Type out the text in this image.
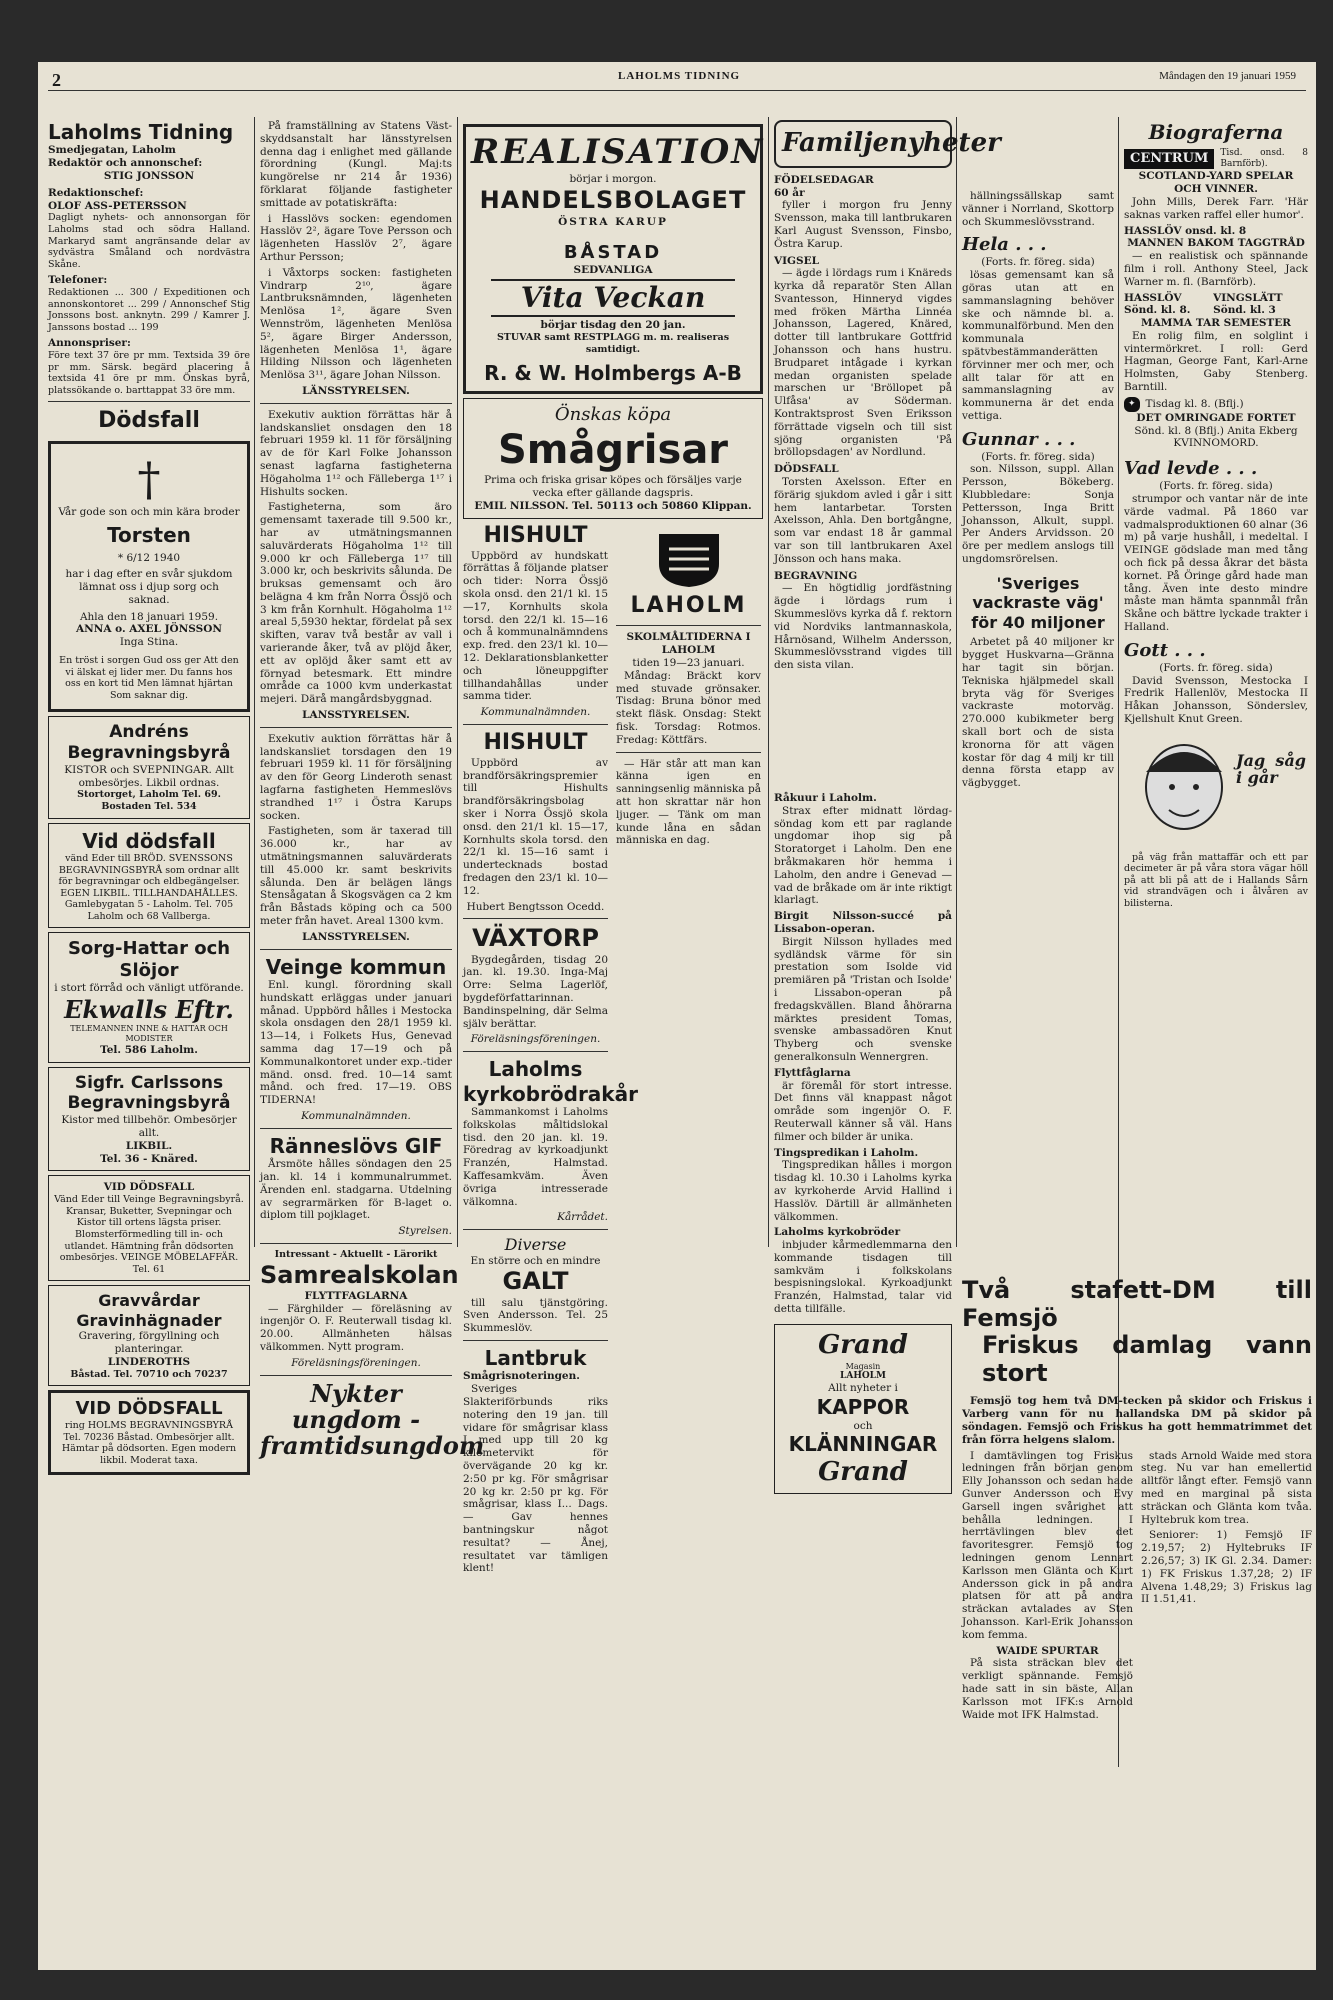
2	LAHOLMS TIDNING	Måndagen den 19 januari 1959
Laholms Tidning
Smedjegatan, Laholm
Redaktör och annonschef:
STIG JONSSON
Redaktionschef:
OLOF ASS-PETERSSON
Dagligt nyhets- och annonsorgan för Laholms stad och södra Halland. Markaryd samt angränsande delar av sydvästra Småland och nordvästra Skåne.
Telefoner:
Redaktionen ... 300 / Expeditionen och annonskontoret ... 299 / Annonschef Stig Jonssons bost. anknytn. 299 / Kamrer J. Janssons bostad ... 199
Annonspriser:
Före text 37 öre pr mm. Textsida 39 öre pr mm. Särsk. begärd placering å textsida 41 öre pr mm. Önskas byrå, platssökande o. barttappat 33 öre mm.
Dödsfall
†
Vår gode son och min kära broder
Torsten
* 6/12 1940
har i dag efter en svår sjukdom lämnat oss i djup sorg och saknad.
Ahla den 18 januari 1959.
ANNA o. AXEL JÖNSSON
Inga Stina.
En tröst i sorgen Gud oss ger Att den vi älskat ej lider mer. Du fanns hos oss en kort tid Men lämnat hjärtan Som saknar dig.
Andréns Begravningsbyrå
KISTOR och SVEPNINGAR. Allt ombesörjes. Likbil ordnas.
Stortorget, Laholm Tel. 69. Bostaden Tel. 534
Vid dödsfall
vänd Eder till BRÖD. SVENSSONS BEGRAVNINGSBYRÅ som ordnar allt för begravningar och eldbegängelser. EGEN LIKBIL. TILLHANDAHÅLLES. Gamlebygatan 5 - Laholm. Tel. 705 Laholm och 68 Vallberga.
Sorg-Hattar och Slöjor
i stort förråd och vänligt utförande.
Ekwalls Eftr.
TELEMANNEN INNE & HATTAR OCH MODISTER
Tel. 586 Laholm.
Sigfr. Carlssons Begravningsbyrå
Kistor med tillbehör. Ombesörjer allt.
LIKBIL.
Tel. 36 - Knäred.
VID DÖDSFALL
Vänd Eder till Veinge Begravningsbyrå. Kransar, Buketter, Svepningar och Kistor till ortens lägsta priser. Blomsterförmedling till in- och utlandet. Hämtning från dödsorten ombesörjes. VEINGE MÖBELAFFÄR. Tel. 61
Gravvårdar Gravinhägnader
Gravering, förgyllning och planteringar.
LINDEROTHS
Båstad. Tel. 70710 och 70237
VID DÖDSFALL
ring HOLMS BEGRAVNINGSBYRÅ Tel. 70236 Båstad. Ombesörjer allt. Hämtar på dödsorten. Egen modern likbil. Moderat taxa.

På framställning av Statens Väst-skyddsanstalt har länsstyrelsen denna dag i enlighet med gällande förordning (Kungl. Maj:ts kungörelse nr 214 år 1936) förklarat följande fastigheter smittade av potatiskräfta:

i Hasslövs socken: egendomen Hasslöv 2², ägare Tove Persson och lägenheten Hasslöv 2⁷, ägare Arthur Persson;

i Våxtorps socken: fastigheten Vindrarp 2¹⁰, ägare Lantbruksnämnden, lägenheten Menlösa 1², ägare Sven Wennström, lägenheten Menlösa 5², ägare Birger Andersson, lägenheten Menlösa 1¹, ägare Hilding Nilsson och lägenheten Menlösa 3¹¹, ägare Johan Nilsson.

LÄNSSTYRELSEN.

Exekutiv auktion förrättas här å landskansliet onsdagen den 18 februari 1959 kl. 11 för försäljning av de för Karl Folke Johansson senast lagfarna fastigheterna Högaholma 1¹² och Fälleberga 1¹⁷ i Hishults socken.

Fastigheterna, som äro gemensamt taxerade till 9.500 kr., har av utmätningsmannen saluvärderats Högaholma 1¹² till 9.000 kr och Fälleberga 1¹⁷ till 3.000 kr, och beskrivits sålunda. De bruksas gemensamt och äro belägna 4 km från Norra Össjö och 3 km från Kornhult. Högaholma 1¹² areal 5,5930 hektar, fördelat på sex skiften, varav två består av vall i varierande åker, två av plöjd åker, ett av oplöjd åker samt ett av förnyad betesmark. Ett mindre område ca 1000 kvm underkastat mejeri. Därå mangårdsbyggnad.

LANSSTYRELSEN.

Exekutiv auktion förrättas här å landskansliet torsdagen den 19 februari 1959 kl. 11 för försäljning av den för Georg Linderoth senast lagfarna fastigheten Hemmeslövs strandhed 1¹⁷ i Östra Karups socken.

Fastigheten, som är taxerad till 36.000 kr., har av utmätningsmannen saluvärderats till 45.000 kr. samt beskrivits sålunda. Den är belägen längs Stensågatan å Skogsvägen ca 2 km från Båstads köping och ca 500 meter från havet. Areal 1300 kvm.

LANSSTYRELSEN.
Veinge kommun

Enl. kungl. förordning skall hundskatt erläggas under januari månad. Uppbörd hålles i Mestocka skola onsdagen den 28/1 1959 kl. 13—14, i Folkets Hus, Genevad samma dag 17—19 och på Kommunalkontoret under exp.-tider mänd. onsd. fred. 10—14 samt månd. och fred. 17—19. OBS TIDERNA!

Kommunalnämnden.
Ränneslövs GIF

Årsmöte hålles söndagen den 25 jan. kl. 14 i kommunalrummet. Ärenden enl. stadgarna. Utdelning av segrarmärken för B-laget o. diplom till pojklaget.

Styrelsen.
Intressant - Aktuellt - Lärorikt
Samrealskolan
FLYTTFAGLARNA

— Färghilder — föreläsning av ingenjör O. F. Reuterwall tisdag kl. 20.00. Allmänheten hälsas välkommen. Nytt program.

Föreläsningsföreningen.
Nykter ungdom - framtidsungdom
REALISATION
börjar i morgon.
HANDELSBOLAGET
ÖSTRA KARUP
BÅSTAD
SEDVANLIGA
Vita Veckan
börjar tisdag den 20 jan.
STUVAR samt RESTPLAGG m. m. realiseras samtidigt.
R. & W. Holmbergs A-B
Önskas köpa
Smågrisar
Prima och friska grisar köpes och försäljes varje vecka efter gällande dagspris.
EMIL NILSSON. Tel. 50113 och 50860 Klippan.
HISHULT

Uppbörd av hundskatt förrättas å följande platser och tider: Norra Össjö skola onsd. den 21/1 kl. 15—17, Kornhults skola torsd. den 22/1 kl. 15—16 och å kommunalnämndens exp. fred. den 23/1 kl. 10—12. Deklarationsblanketter och löneuppgifter tillhandahållas under samma tider.

Kommunalnämnden.
HISHULT

Uppbörd av brandförsäkringspremier till Hishults brandförsäkringsbolag sker i Norra Össjö skola onsd. den 21/1 kl. 15—17, Kornhults skola torsd. den 22/1 kl. 15—16 samt i undertecknads bostad fredagen den 23/1 kl. 10—12.

Hubert Bengtsson Ocedd.
VÄXTORP

Bygdegården, tisdag 20 jan. kl. 19.30. Inga-Maj Orre: Selma Lagerlöf, bygdeförfattarinnan. Bandinspelning, där Selma själv berättar.

Föreläsningsföreningen.
Laholms kyrkobrödrakår

Sammankomst i Laholms folkskolas måltidslokal tisd. den 20 jan. kl. 19. Föredrag av kyrkoadjunkt Franzén, Halmstad. Kaffesamkväm. Även övriga intresserade välkomna.

Kårrådet.
Diverse
En större och en mindre
GALT

till salu tjänstgöring. Sven Andersson. Tel. 25 Skummeslöv.

Lantbruk
Smågrisnoteringen.

Sveriges Slakteriförbunds riks notering den 19 jan. till vidare för smågrisar klass I med upp till 20 kg kilometervikt för övervägande 20 kg kr. 2:50 pr kg. För smågrisar 20 kg kr. 2:50 pr kg. För smågrisar, klass I... Dags. — Gav hennes bantningskur något resultat? — Ånej, resultatet var tämligen klent!

LAHOLM
SKOLMÅLTIDERNA I LAHOLM
tiden 19—23 januari.

Måndag: Bräckt korv med stuvade grönsaker. Tisdag: Bruna bönor med stekt fläsk. Onsdag: Stekt fisk. Torsdag: Rotmos. Fredag: Köttfärs.

— Här står att man kan känna igen en sanningsenlig människa på att hon skrattar när hon ljuger. — Tänk om man kunde låna en sådan människa en dag.

Familjenyheter
FÖDELSEDAGAR
60 år

fyller i morgon fru Jenny Svensson, maka till lantbrukaren Karl August Svensson, Finsbo, Östra Karup.

VIGSEL

— ägde i lördags rum i Knäreds kyrka då reparatör Sten Allan Svantesson, Hinneryd vigdes med fröken Märtha Linnéa Johansson, Lagered, Knäred, dotter till lantbrukare Gottfrid Johansson och hans hustru. Brudparet intågade i kyrkan medan organisten spelade marschen ur 'Bröllopet på Ulfåsa' av Söderman. Kontraktsprost Sven Eriksson förrättade vigseln och till sist sjöng organisten 'På bröllopsdagen' av Nordlund.

DÖDSFALL

Torsten Axelsson. Efter en förärig sjukdom avled i går i sitt hem lantarbetar. Torsten Axelsson, Ahla. Den bortgångne, som var endast 18 år gammal var son till lantbrukaren Axel Jönsson och hans maka.

BEGRAVNING

— En högtidlig jordfästning ägde i lördags rum i Skummeslövs kyrka då f. rektorn vid Nordviks lantmannaskola, Hårnösand, Wilhelm Andersson, Skummeslövsstrand vigdes till den sista vilan.

Råkuur i Laholm.

Strax efter midnatt lördag-söndag kom ett par raglande ungdomar ihop sig på Storatorget i Laholm. Den ene bråkmakaren hör hemma i Laholm, den andre i Genevad — vad de bråkade om är inte riktigt klarlagt.

Birgit Nilsson-succé på Lissabon-operan.

Birgit Nilsson hyllades med sydländsk värme för sin prestation som Isolde vid premiären på 'Tristan och Isolde' i Lissabon-operan på fredagskvällen. Bland åhörarna märktes president Tomas, svenske ambassadören Knut Thyberg och svenske generalkonsuln Wennergren.

Flyttfåglarna

är föremål för stort intresse. Det finns väl knappast något område som ingenjör O. F. Reuterwall känner så väl. Hans filmer och bilder är unika.

Tingspredikan i Laholm.

Tingspredikan hålles i morgon tisdag kl. 10.30 i Laholms kyrka av kyrkoherde Arvid Hallind i Hasslöv. Därtill är allmänheten välkommen.

Laholms kyrkobröder

inbjuder kårmedlemmarna den kommande tisdagen till samkväm i folkskolans bespisningslokal. Kyrkoadjunkt Franzén, Halmstad, talar vid detta tillfälle.

Grand
Magasin
LAHOLM
Allt nyheter i
KAPPOR
och
KLÄNNINGAR
Grand

hällningssällskap samt vänner i Norrland, Skottorp och Skummeslövsstrand.

Hela . . .
(Forts. fr. föreg. sida)

lösas gemensamt kan så göras utan att en sammanslagning behöver ske och nämnde bl. a. kommunalförbund. Men den kommunala spätvbestämmanderätten förvinner mer och mer, och allt talar för att en sammanslagning av kommunerna är det enda vettiga.

Gunnar . . .
(Forts. fr. föreg. sida)

son. Nilsson, suppl. Allan Persson, Bökeberg. Klubbledare: Sonja Pettersson, Inga Britt Johansson, Alkult, suppl. Per Anders Arvidsson. 20 öre per medlem anslogs till ungdomsrörelsen.

'Sveriges vackraste väg' för 40 miljoner

Arbetet på 40 miljoner kr bygget Huskvarna—Gränna har tagit sin början. Tekniska hjälpmedel skall bryta väg för Sveriges vackraste motorväg. 270.000 kubikmeter berg skall bort och de sista kronorna för att vägen kostar för dag 4 milj kr till denna första etapp av vägbygget.

Biograferna
CENTRUM	Tisd. onsd. 8 Barnförb).
SCOTLAND-YARD SPELAR OCH VINNER.

John Mills, Derek Farr. 'Här saknas varken raffel eller humor'.

HASSLÖV onsd. kl. 8
MANNEN BAKOM TAGGTRÅD

— en realistisk och spännande film i roll. Anthony Steel, Jack Warner m. fl. (Barnförb).

HASSLÖV Sönd. kl. 8.
VINGSLÄTT Sönd. kl. 3
MAMMA TAR SEMESTER

En rolig film, en solglint i vintermörkret. I roll: Gerd Hagman, George Fant, Karl-Arne Holmsten, Gaby Stenberg. Barntill.

✦ Tisdag kl. 8. (Bflj.)
DET OMRINGADE FORTET
Sönd. kl. 8 (Bflj.) Anita Ekberg KVINNOMORD.
Vad levde . . .
(Forts. fr. föreg. sida)

strumpor och vantar när de inte värde vadmal. På 1860 var vadmalsproduktionen 60 alnar (36 m) på varje hushåll, i medeltal. I VEINGE gödslade man med tång och fick på dessa åkrar det bästa kornet. På Öringe gård hade man tång. Även inte desto mindre måste man hämta spannmål från Skåne och bättre lyckade trakter i Halland.

Gott . . .
(Forts. fr. föreg. sida)

David Svensson, Mestocka I Fredrik Hallenlöv, Mestocka II Håkan Johansson, Sönderslev, Kjellshult Knut Green.

Jag såg i går

på väg från mattaffär och ett par decimeter är på våra stora vägar höll på att bli på att de i Hallands Sårn vid strandvägen och i ålvåren av bilisterna.

Två stafett-DM till Femsjö
Friskus damlag vann stort

Femsjö tog hem två DM-tecken på skidor och Friskus i Varberg vann för nu hallandska DM på skidor på söndagen. Femsjö och Friskus ha gott hemmatrimmet det från förra helgens slalom.

I damtävlingen tog Friskus ledningen från början genom Elly Johansson och sedan hade Gunver Andersson och Evy Garsell ingen svårighet att behålla ledningen. I herrtävlingen blev det favoritesgrer. Femsjö tog ledningen genom Lennart Karlsson men Glänta och Kurt Andersson gick in på andra platsen för att på andra sträckan avtalades av Sten Johansson. Karl-Erik Johansson kom femma.

WAIDE SPURTAR

På sista sträckan blev det verkligt spännande. Femsjö hade satt in sin bäste, Allan Karlsson mot IFK:s Arnold Waide mot IFK Halmstad.

stads Arnold Waide med stora steg. Nu var han emellertid alltför långt efter. Femsjö vann med en marginal på sista sträckan och Glänta kom tvåa. Hyltebruk kom trea.

Seniorer: 1) Femsjö IF 2.19,57; 2) Hyltebruks IF 2.26,57; 3) IK Gl. 2.34. Damer: 1) FK Friskus 1.37,28; 2) IF Alvena 1.48,29; 3) Friskus lag II 1.51,41.
